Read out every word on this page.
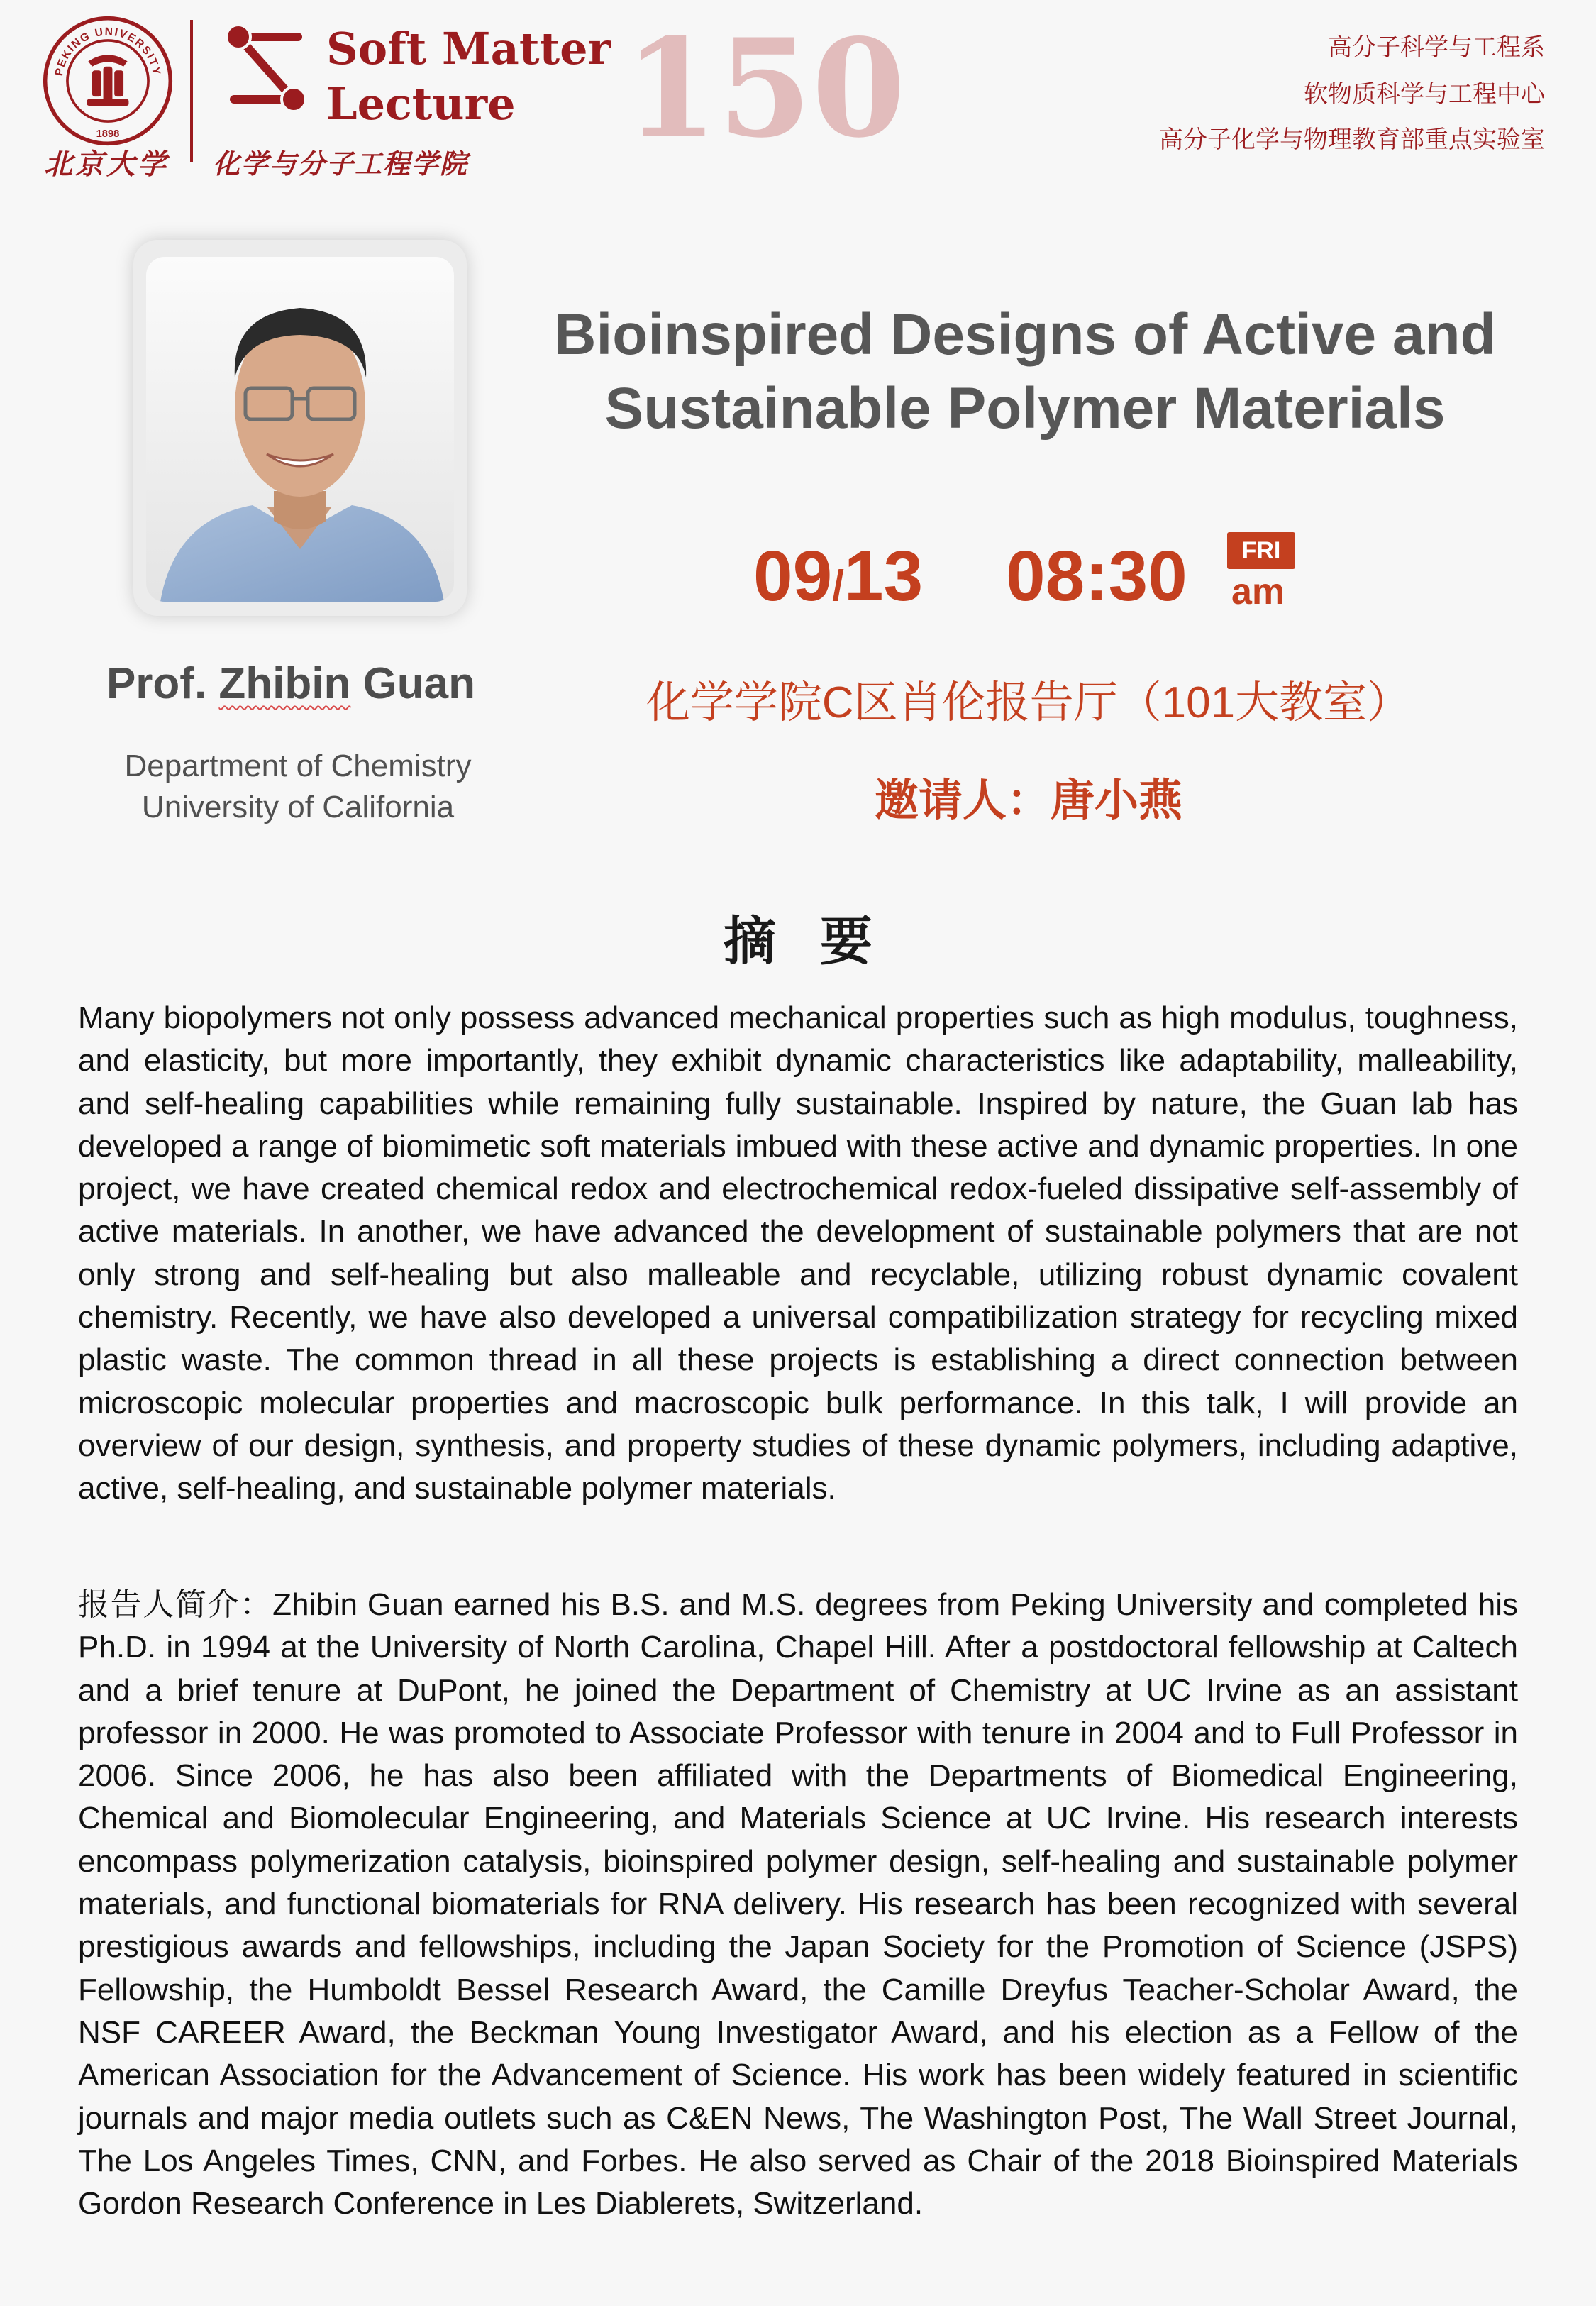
PEKING UNIVERSITY
1898
北京大学
Soft Matter
Lecture 150
化学与分子工程学院
高分子科学与工程系
软物质科学与工程中心
高分子化学与物理教育部重点实验室
Prof. Zhibin Guan
Department of Chemistry
University of California
Bioinspired Designs of Active and Sustainable Polymer Materials
09/13 08:30	FRI
am
化学学院C区肖伦报告厅（101大教室）
邀请人：唐小燕
摘要

Many biopolymers not only possess advanced mechanical properties such as high modulus, toughness, and elasticity, but more importantly, they exhibit dynamic characteristics like adaptability, malleability, and self-healing capabilities while remaining fully sustainable. Inspired by nature, the Guan lab has developed a range of biomimetic soft materials imbued with these active and dynamic properties. In one project, we have created chemical redox and electrochemical redox-fueled dissipative self-assembly of active materials. In another, we have advanced the development of sustainable polymers that are not only strong and self-healing but also malleable and recyclable, utilizing robust dynamic covalent chemistry. Recently, we have also developed a universal compatibilization strategy for recycling mixed plastic waste. The common thread in all these projects is establishing a direct connection between microscopic molecular properties and macroscopic bulk performance. In this talk, I will provide an overview of our design, synthesis, and property studies of these dynamic polymers, including adaptive, active, self-healing, and sustainable polymer materials.

报告人简介：Zhibin Guan earned his B.S. and M.S. degrees from Peking University and completed his Ph.D. in 1994 at the University of North Carolina, Chapel Hill. After a postdoctoral fellowship at Caltech and a brief tenure at DuPont, he joined the Department of Chemistry at UC Irvine as an assistant professor in 2000. He was promoted to Associate Professor with tenure in 2004 and to Full Professor in 2006. Since 2006, he has also been affiliated with the Departments of Biomedical Engineering, Chemical and Biomolecular Engineering, and Materials Science at UC Irvine. His research interests encompass polymerization catalysis, bioinspired polymer design, self-healing and sustainable polymer materials, and functional biomaterials for RNA delivery. His research has been recognized with several prestigious awards and fellowships, including the Japan Society for the Promotion of Science (JSPS) Fellowship, the Humboldt Bessel Research Award, the Camille Dreyfus Teacher-Scholar Award, the NSF CAREER Award, the Beckman Young Investigator Award, and his election as a Fellow of the American Association for the Advancement of Science. His work has been widely featured in scientific journals and major media outlets such as C&EN News, The Washington Post, The Wall Street Journal, The Los Angeles Times, CNN, and Forbes. He also served as Chair of the 2018 Bioinspired Materials Gordon Research Conference in Les Diablerets, Switzerland.
